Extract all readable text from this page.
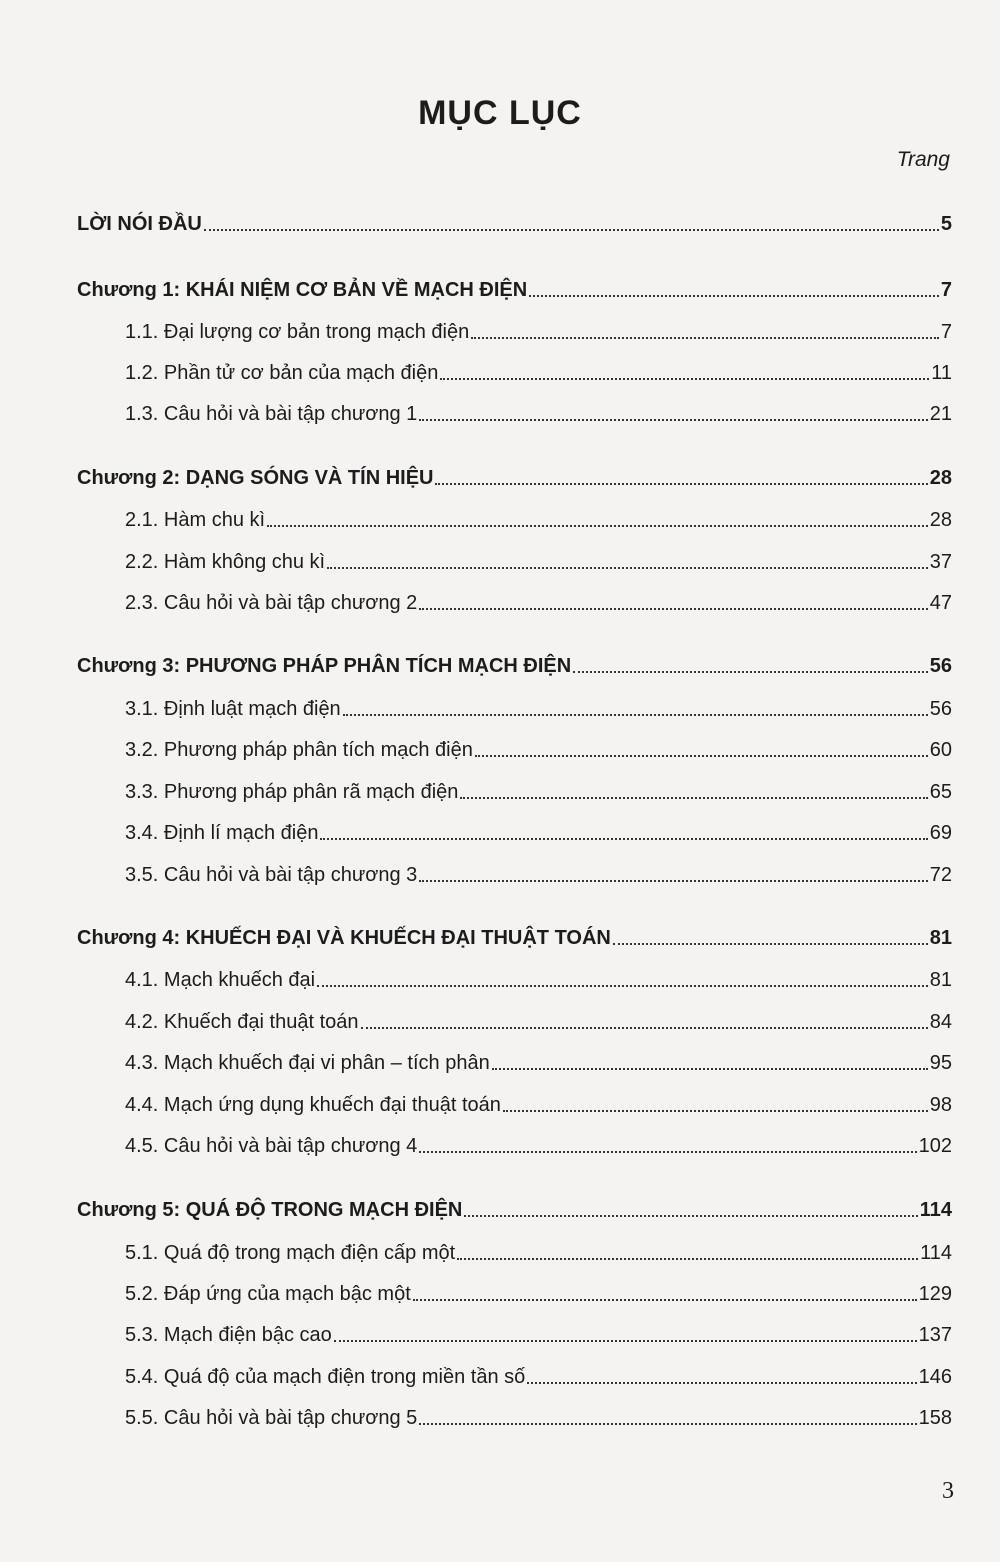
MỤC LỤC
Trang
LỜI NÓI ĐẦU	5
Chương 1: KHÁI NIỆM CƠ BẢN VỀ MẠCH ĐIỆN	7
1.1. Đại lượng cơ bản trong mạch điện	7
1.2. Phần tử cơ bản của mạch điện	11
1.3. Câu hỏi và bài tập chương 1	21
Chương 2: DẠNG SÓNG VÀ TÍN HIỆU	28
2.1. Hàm chu kì	28
2.2. Hàm không chu kì	37
2.3. Câu hỏi và bài tập chương 2	47
Chương 3: PHƯƠNG PHÁP PHÂN TÍCH MẠCH ĐIỆN	56
3.1. Định luật mạch điện	56
3.2. Phương pháp phân tích mạch điện	60
3.3. Phương pháp phân rã mạch điện	65
3.4. Định lí mạch điện	69
3.5. Câu hỏi và bài tập chương 3	72
Chương 4: KHUẾCH ĐẠI VÀ KHUẾCH ĐẠI THUẬT TOÁN	81
4.1. Mạch khuếch đại	81
4.2. Khuếch đại thuật toán	84
4.3. Mạch khuếch đại vi phân – tích phân	95
4.4. Mạch ứng dụng khuếch đại thuật toán	98
4.5. Câu hỏi và bài tập chương 4	102
Chương 5: QUÁ ĐỘ TRONG MẠCH ĐIỆN	114
5.1. Quá độ trong mạch điện cấp một	114
5.2. Đáp ứng của mạch bậc một	129
5.3. Mạch điện bậc cao	137
5.4. Quá độ của mạch điện trong miền tần số	146
5.5. Câu hỏi và bài tập chương 5	158
3
